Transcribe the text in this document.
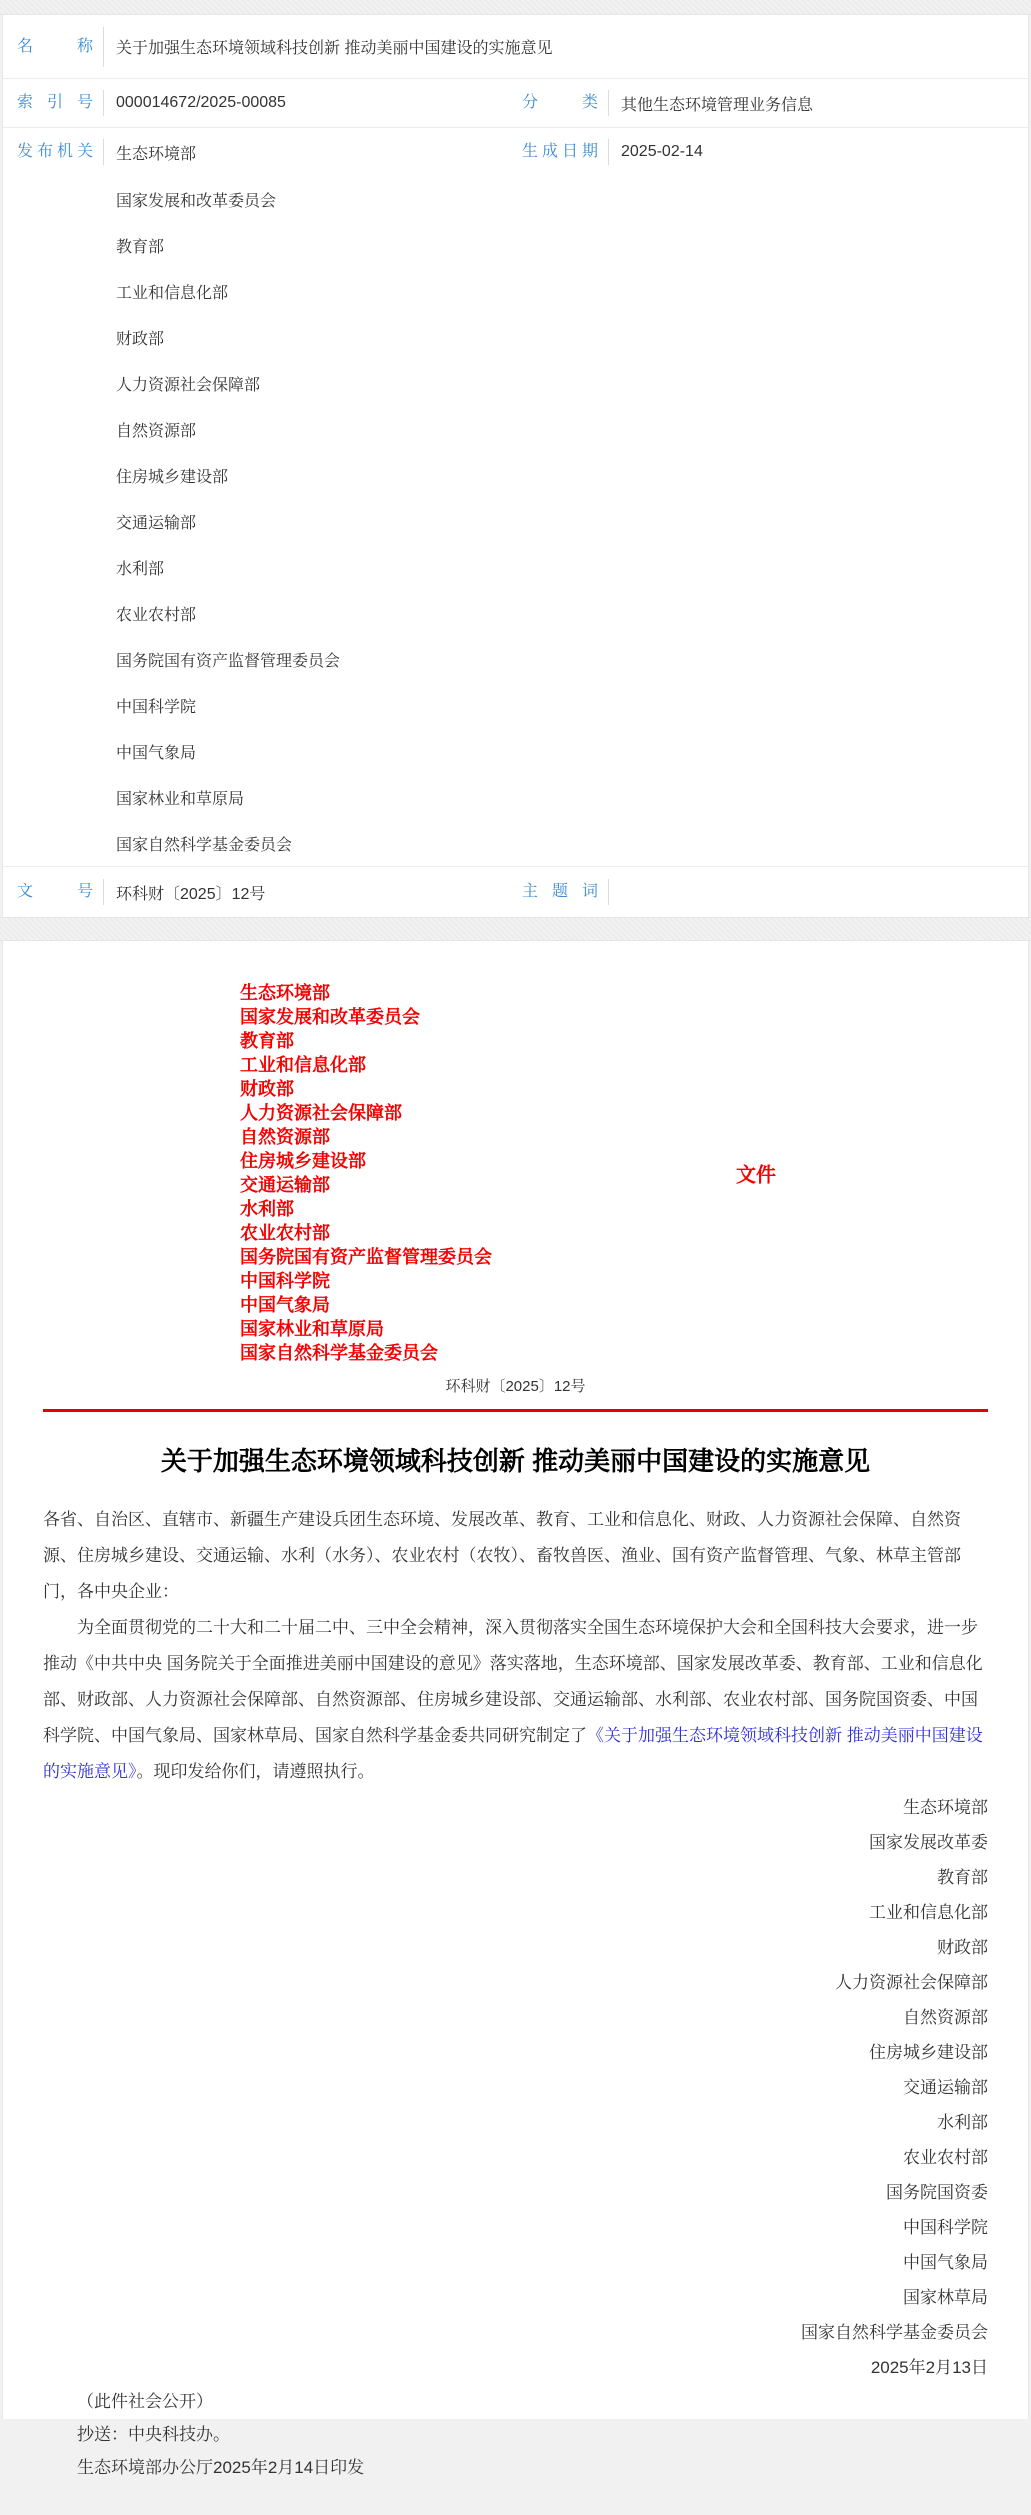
名称 关于加强生态环境领域科技创新 推动美丽中国建设的实施意见
索引号 000014672/2025-00085	分类 其他生态环境管理业务信息
发布机关 生态环境部	生成日期 2025-02-14
国家发展和改革委员会
教育部
工业和信息化部
财政部
人力资源社会保障部
自然资源部
住房城乡建设部
交通运输部
水利部
农业农村部
国务院国有资产监督管理委员会
中国科学院
中国气象局
国家林业和草原局
国家自然科学基金委员会
文号 环科财〔2025〕12号	主题词
生态环境部
国家发展和改革委员会
教育部
工业和信息化部
财政部
人力资源社会保障部
自然资源部
住房城乡建设部
交通运输部
水利部
农业农村部
国务院国有资产监督管理委员会
中国科学院
中国气象局
国家林业和草原局
国家自然科学基金委员会
文件
环科财〔2025〕12号
关于加强生态环境领域科技创新 推动美丽中国建设的实施意见

各省、自治区、直辖市、新疆生产建设兵团生态环境、发展改革、教育、工业和信息化、财政、人力资源社会保障、自然资源、住房城乡建设、交通运输、水利（水务）、农业农村（农牧）、畜牧兽医、渔业、国有资产监督管理、气象、林草主管部门，各中央企业：

为全面贯彻党的二十大和二十届二中、三中全会精神，深入贯彻落实全国生态环境保护大会和全国科技大会要求，进一步推动《中共中央 国务院关于全面推进美丽中国建设的意见》落实落地，生态环境部、国家发展改革委、教育部、工业和信息化部、财政部、人力资源社会保障部、自然资源部、住房城乡建设部、交通运输部、水利部、农业农村部、国务院国资委、中国科学院、中国气象局、国家林草局、国家自然科学基金委共同研究制定了《关于加强生态环境领域科技创新 推动美丽中国建设的实施意见》。现印发给你们，请遵照执行。

生态环境部
国家发展改革委
教育部
工业和信息化部
财政部
人力资源社会保障部
自然资源部
住房城乡建设部
交通运输部
水利部
农业农村部
国务院国资委
中国科学院
中国气象局
国家林草局
国家自然科学基金委员会
2025年2月13日
（此件社会公开）
抄送：中央科技办。
生态环境部办公厅2025年2月14日印发
